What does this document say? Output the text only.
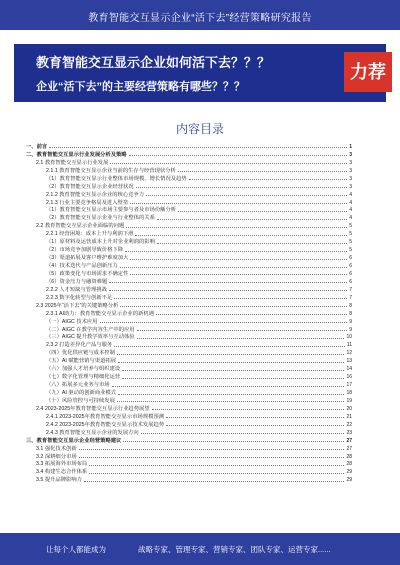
教育智能交互显示企业“活下去”经营策略研究报告
教育智能交互显示企业如何活下去？？？
企业“活下去”的主要经营策略有哪些？？？
力荐
内容目录
一、前言	1
二、教育智能交互显示行业发展分析及策略	3
2.1 教育智能交互显示行业发展	3
2.1.1 教育智能交互显示企业当前的生存与经营现状分析	3
（1）教育智能交互显示行业整体市场规模、增长情况及趋势	3
（2）教育智能交互显示企业经营状况	3
2.1.2 教育智能交互显示企业的核心竞争力	4
2.1.3 行业主要竞争格局及进入壁垒	4
（1）教育智能交互显示市场主要参与者及市场份额分析	4
（2）教育智能交互显示企业与行业整体的关系	4
2.2 教育智能交互显示企业面临的问题	5
2.2.1 经营困境：成本上升与利润下滑	5
（1）原材料及运营成本上升对企业利润的影响	5
（2）市场竞争加剧导致价格下降	5
（3）渠道拓展及客户维护难度加大	6
（4）技术迭代与产品创新压力	6
（5）政策变化与市场需求不确定性	6
（6）资金压力与融资难题	6
2.2.2 人才短缺与管理挑战	7
2.2.3 数字化转型与创新不足	7
2.3 2025年“活下去”的关键策略分析	8
2.3.1 AI助力：教育智能交互显示企业的新机遇	8
（一）AIGC 技术应用	9
（二）AIGC 在教学内容生产中的应用	9
（三）AIGC 提升教学效率与互动体验	10
2.3.2 打造差异化产品与服务	11
（四）优化供应链与成本控制	12
（五）AI 赋能营销与渠道拓展	13
（六）加强人才培养与组织建设	14
（七）数字化管理与精细化运营	16
（八）拓展多元业务与市场	17
（九）AI 驱动的创新商业模式	18
（十）风险管控与可持续发展	19
2.4 2023-2025年教育智能交互显示行业趋势展望	20
2.4.1 2023-2025年教育智能交互显示市场规模预测	21
2.4.2 2023-2025年教育智能交互显示技术发展趋势	22
2.4.3 教育智能交互显示企业的发展方向	23
三、教育智能交互显示企业经营策略建议	27
3.1 强化技术创新	27
3.2 深耕细分市场	28
3.3 拓展海外市场布局	28
3.4 构建生态合作体系	29
3.5 提升品牌影响力	29
让每个人都能成为	战略专家、管理专家、营销专家、团队专家、运营专家......
